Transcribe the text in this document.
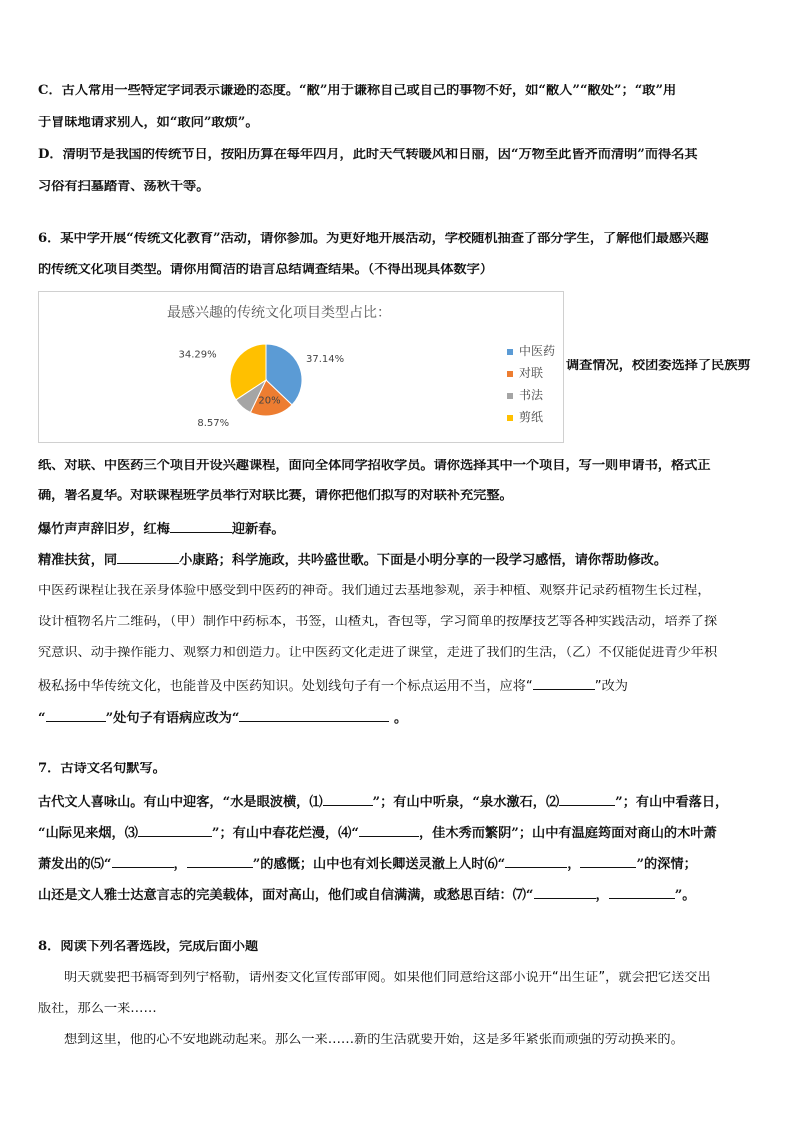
C．古人常用一些特定字词表示谦逊的态度。“敝”用于谦称自己或自己的事物不好，如“敝人”“敝处”；“敢”用
于冒昧地请求别人，如“敢问”敢烦”。
D．清明节是我国的传统节日，按阳历算在每年四月，此时天气转暖风和日丽，因“万物至此皆齐而清明”而得名其
习俗有扫墓踏青、荡秋千等。
6．某中学开展“传统文化教育”活动，请你参加。为更好地开展活动，学校随机抽查了部分学生，了解他们最感兴趣
的传统文化项目类型。请你用简洁的语言总结调查结果。（不得出现具体数字）
最感兴趣的传统文化项目类型占比：
37.14%
20%
8.57%
34.29%	中医药
对联
书法
剪纸
调查情况，校团委选择了民族剪
纸、对联、中医药三个项目开设兴趣课程，面向全体同学招收学员。请你选择其中一个项目，写一则申请书，格式正
确，署名夏华。对联课程班学员举行对联比赛，请你把他们拟写的对联补充完整。
爆竹声声辞旧岁，红梅	迎新春。
精准扶贫，同	小康路；科学施政，共吟盛世歌。下面是小明分享的一段学习感悟，请你帮助修改。
中医药课程让我在亲身体验中感受到中医药的神奇。我们通过去基地参观，亲手种植、观察并记录药植物生长过程，
设计植物名片二维码，（甲）制作中药标本，书签，山楂丸，香包等，学习简单的按摩技艺等各种实践活动，培养了探
究意识、动手操作能力、观察力和创造力。让中医药文化走进了课堂，走进了我们的生活，（乙）不仅能促进青少年积
极私扬中华传统文化，也能普及中医药知识。处划线句子有一个标点运用不当，应将“	”改为
“	”处句子有语病应改为“	。
7．古诗文名句默写。
古代文人喜咏山。有山中迎客，“水是眼波横，⑴	”；有山中听泉，“泉水激石，⑵	”；有山中看落日，
“山际见来烟，⑶	”；有山中春花烂漫，⑷“	，佳木秀而繁阴”；山中有温庭筠面对商山的木叶萧
萧发出的⑸“	，	”的感慨；山中也有刘长卿送灵澈上人时⑹“	，	”的深情；
山还是文人雅士达意言志的完美载体，面对高山，他们或自信满满，或愁思百结：⑺“	，	”。
8．阅读下列名著选段，完成后面小题
明天就要把书稿寄到列宁格勒，请州委文化宣传部审阅。如果他们同意给这部小说开“出生证”，就会把它送交出
版社，那么一来……
想到这里，他的心不安地跳动起来。那么一来……新的生活就要开始，这是多年紧张而顽强的劳动换来的。
